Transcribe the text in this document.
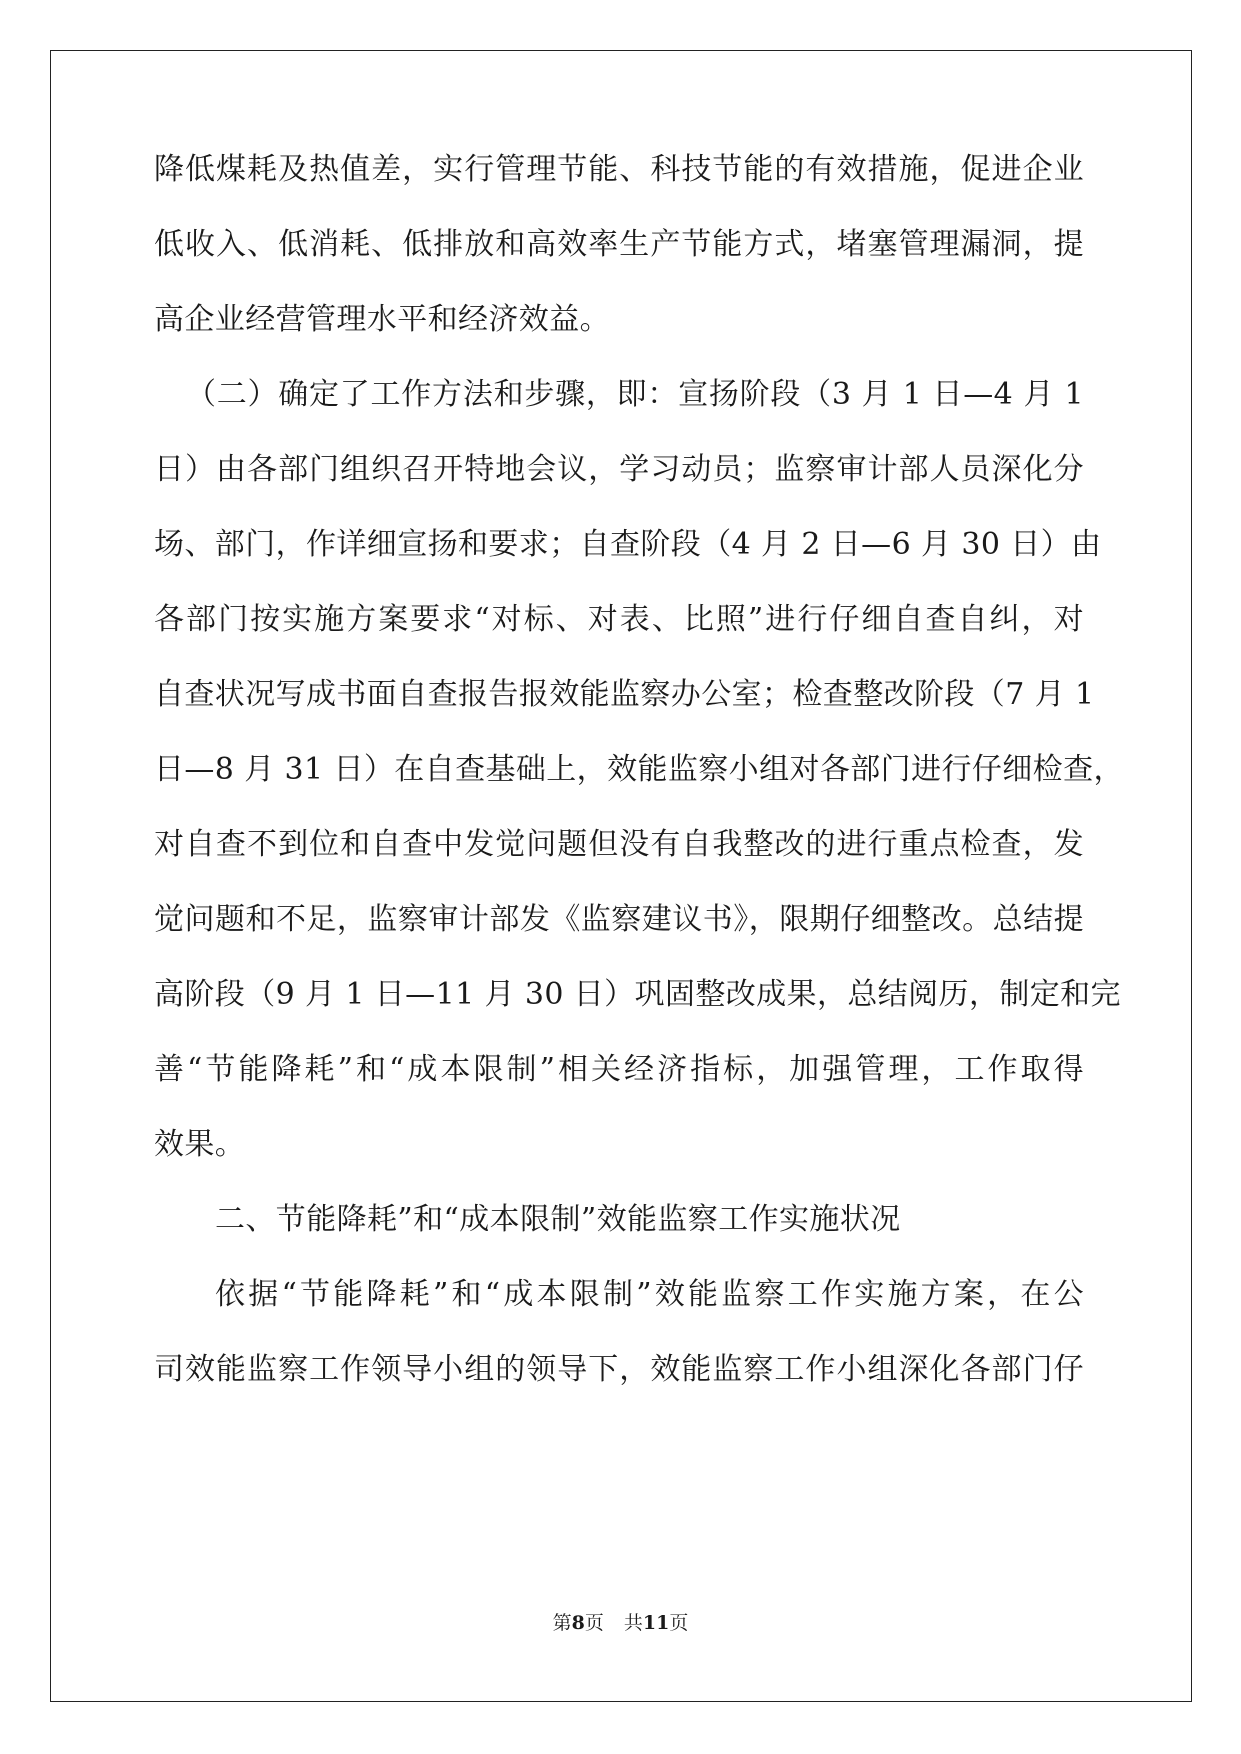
降低煤耗及热值差，实行管理节能、科技节能的有效措施，促进企业
低收入、低消耗、低排放和高效率生产节能方式，堵塞管理漏洞，提
高企业经营管理水平和经济效益。
（二）确定了工作方法和步骤，即：宣扬阶段（3 月 1 日—4 月 1
日）由各部门组织召开特地会议，学习动员；监察审计部人员深化分
场、部门，作详细宣扬和要求；自查阶段（4 月 2 日—6 月 30 日）由
各部门按实施方案要求“对标、对表、比照”进行仔细自查自纠，对
自查状况写成书面自查报告报效能监察办公室；检查整改阶段（7 月 1
日—8 月 31 日）在自查基础上，效能监察小组对各部门进行仔细检查，
对自查不到位和自查中发觉问题但没有自我整改的进行重点检查，发
觉问题和不足，监察审计部发《监察建议书》，限期仔细整改。总结提
高阶段（9 月 1 日—11 月 30 日）巩固整改成果，总结阅历，制定和完
善“节能降耗”和“成本限制”相关经济指标，加强管理，工作取得
效果。
二、节能降耗”和“成本限制”效能监察工作实施状况
依据“节能降耗”和“成本限制”效能监察工作实施方案，在公
司效能监察工作领导小组的领导下，效能监察工作小组深化各部门仔
第8页 共11页
